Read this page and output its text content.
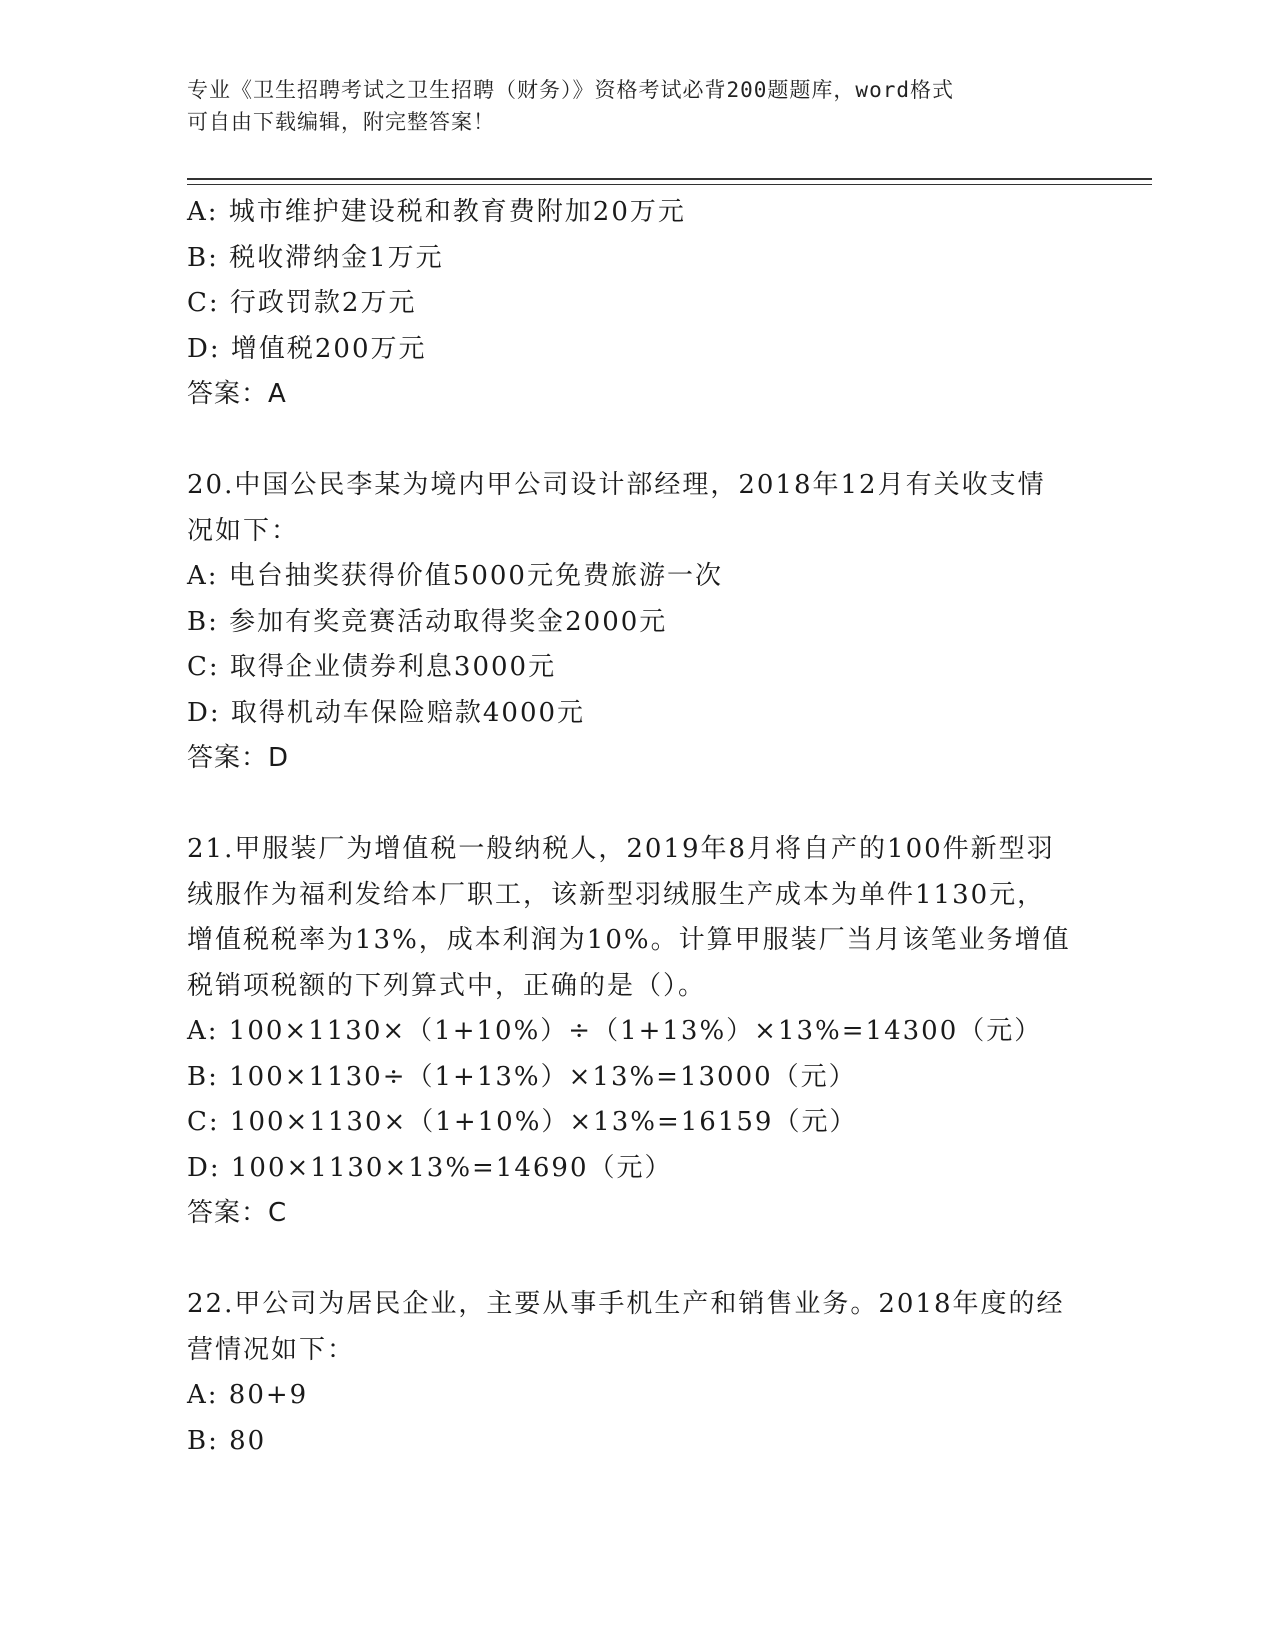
专业《卫生招聘考试之卫生招聘（财务）》资格考试必背200题题库，word格式
可自由下载编辑，附完整答案！
A: 城市维护建设税和教育费附加20万元
B: 税收滞纳金1万元
C: 行政罚款2万元
D: 增值税200万元
答案：A
20.中国公民李某为境内甲公司设计部经理，2018年12月有关收支情
况如下：
A: 电台抽奖获得价值5000元免费旅游一次
B: 参加有奖竞赛活动取得奖金2000元
C: 取得企业债券利息3000元
D: 取得机动车保险赔款4000元
答案：D
21.甲服装厂为增值税一般纳税人，2019年8月将自产的100件新型羽
绒服作为福利发给本厂职工，该新型羽绒服生产成本为单件1130元，
增值税税率为13%，成本利润为10%。计算甲服装厂当月该笔业务增值
税销项税额的下列算式中，正确的是（）。
A: 100×1130×（1+10%）÷（1+13%）×13%=14300（元）
B: 100×1130÷（1+13%）×13%=13000（元）
C: 100×1130×（1+10%）×13%=16159（元）
D: 100×1130×13%=14690（元）
答案：C
22.甲公司为居民企业，主要从事手机生产和销售业务。2018年度的经
营情况如下：
A: 80+9
B: 80
